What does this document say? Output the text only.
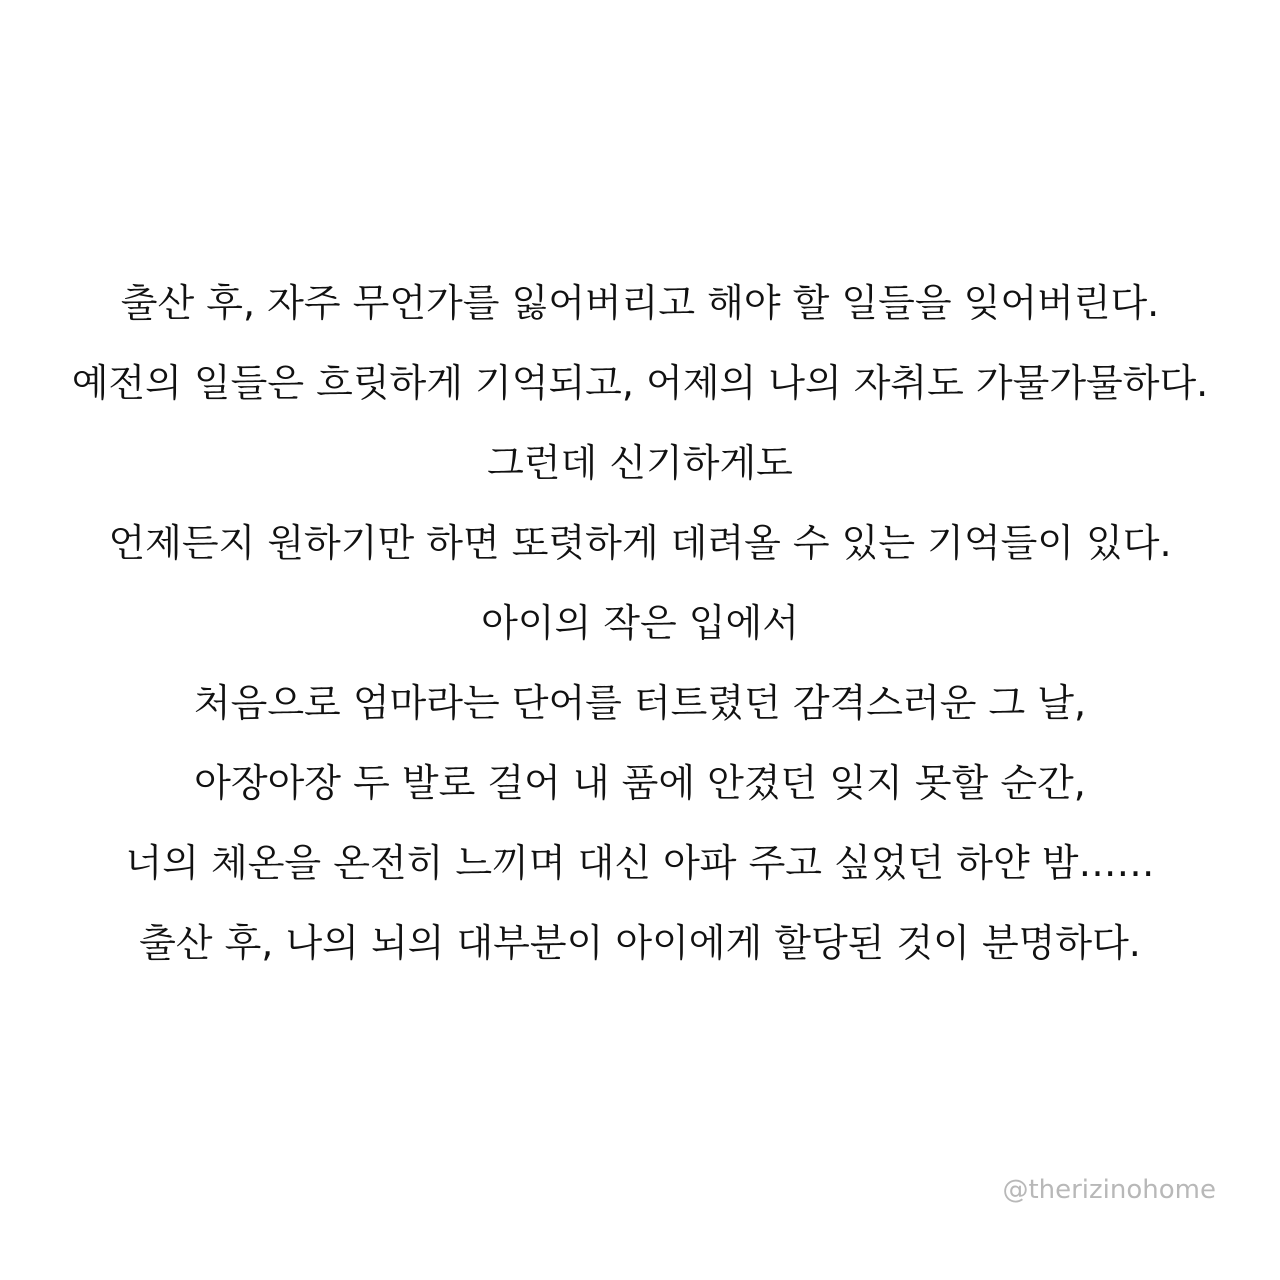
출산 후, 자주 무언가를 잃어버리고 해야 할 일들을 잊어버린다.
예전의 일들은 흐릿하게 기억되고, 어제의 나의 자취도 가물가물하다.
그런데 신기하게도
언제든지 원하기만 하면 또렷하게 데려올 수 있는 기억들이 있다.
아이의 작은 입에서
처음으로 엄마라는 단어를 터트렸던 감격스러운 그 날,
아장아장 두 발로 걸어 내 품에 안겼던 잊지 못할 순간,
너의 체온을 온전히 느끼며 대신 아파 주고 싶었던 하얀 밤……
출산 후, 나의 뇌의 대부분이 아이에게 할당된 것이 분명하다.
@therizinohome
